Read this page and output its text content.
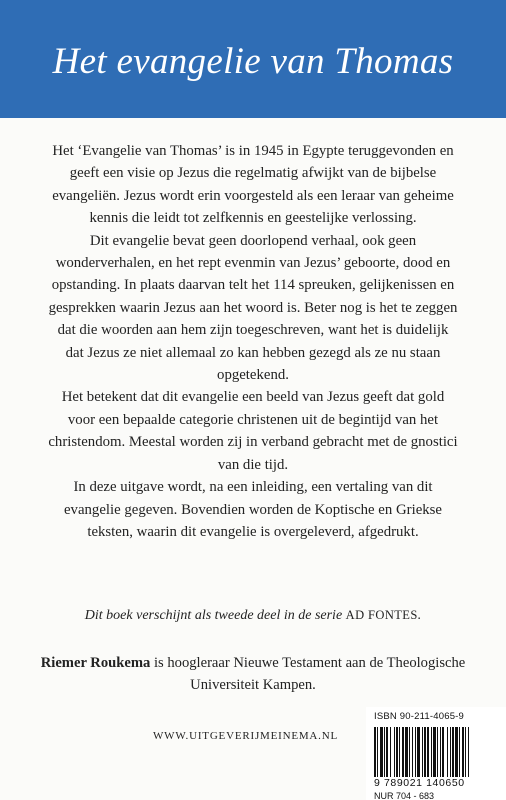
Het evangelie van Thomas

Het ‘Evangelie van Thomas’ is in 1945 in Egypte teruggevonden en geeft een visie op Jezus die regelmatig afwijkt van de bijbelse evangeliën. Jezus wordt erin voorgesteld als een leraar van geheime kennis die leidt tot zelfkennis en geestelijke verlossing.

Dit evangelie bevat geen doorlopend verhaal, ook geen wonderverhalen, en het rept evenmin van Jezus’ geboorte, dood en opstanding. In plaats daarvan telt het 114 spreuken, gelijkenissen en gesprekken waarin Jezus aan het woord is. Beter nog is het te zeggen dat die woorden aan hem zijn toegeschreven, want het is duidelijk dat Jezus ze niet allemaal zo kan hebben gezegd als ze nu staan opgetekend.

Het betekent dat dit evangelie een beeld van Jezus geeft dat gold voor een bepaalde categorie christenen uit de begintijd van het christendom. Meestal worden zij in verband gebracht met de gnostici van die tijd.

In deze uitgave wordt, na een inleiding, een vertaling van dit evangelie gegeven. Bovendien worden de Koptische en Griekse teksten, waarin dit evangelie is overgeleverd, afgedrukt.

Dit boek verschijnt als tweede deel in de serie AD FONTES.
Riemer Roukema is hoogleraar Nieuwe Testament aan de Theologische Universiteit Kampen.
WWW.UITGEVERIJMEINEMA.NL
ISBN 90-211-4065-9
9 789021 140650
NUR 704 - 683
